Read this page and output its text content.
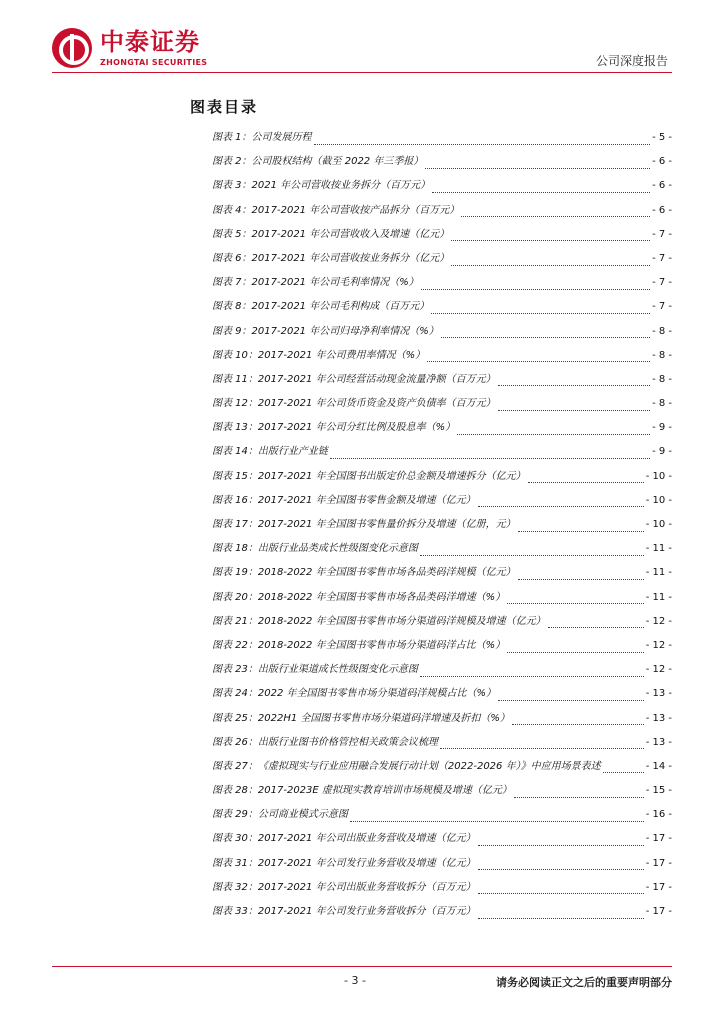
中泰证券
ZHONGTAI SECURITIES	公司深度报告
图表目录
图表 1：公司发展历程	- 5 -
图表 2：公司股权结构（截至 2022 年三季报）	- 6 -
图表 3：2021 年公司营收按业务拆分（百万元）	- 6 -
图表 4：2017-2021 年公司营收按产品拆分（百万元）	- 6 -
图表 5：2017-2021 年公司营收收入及增速（亿元）	- 7 -
图表 6：2017-2021 年公司营收按业务拆分（亿元）	- 7 -
图表 7：2017-2021 年公司毛利率情况（%）	- 7 -
图表 8：2017-2021 年公司毛利构成（百万元）	- 7 -
图表 9：2017-2021 年公司归母净利率情况（%）	- 8 -
图表 10：2017-2021 年公司费用率情况（%）	- 8 -
图表 11：2017-2021 年公司经营活动现金流量净额（百万元）	- 8 -
图表 12：2017-2021 年公司货币资金及资产负债率（百万元）	- 8 -
图表 13：2017-2021 年公司分红比例及股息率（%）	- 9 -
图表 14：出版行业产业链	- 9 -
图表 15：2017-2021 年全国图书出版定价总金额及增速拆分（亿元）	- 10 -
图表 16：2017-2021 年全国图书零售金额及增速（亿元）	- 10 -
图表 17：2017-2021 年全国图书零售量价拆分及增速（亿册，元）	- 10 -
图表 18：出版行业品类成长性级图变化示意图	- 11 -
图表 19：2018-2022 年全国图书零售市场各品类码洋规模（亿元）	- 11 -
图表 20：2018-2022 年全国图书零售市场各品类码洋增速（%）	- 11 -
图表 21：2018-2022 年全国图书零售市场分渠道码洋规模及增速（亿元）	- 12 -
图表 22：2018-2022 年全国图书零售市场分渠道码洋占比（%）	- 12 -
图表 23：出版行业渠道成长性级图变化示意图	- 12 -
图表 24：2022 年全国图书零售市场分渠道码洋规模占比（%）	- 13 -
图表 25：2022H1 全国图书零售市场分渠道码洋增速及折扣（%）	- 13 -
图表 26：出版行业图书价格管控相关政策会议梳理	- 13 -
图表 27：《虚拟现实与行业应用融合发展行动计划（2022-2026 年）》中应用场景表述	- 14 -
图表 28：2017-2023E 虚拟现实教育培训市场规模及增速（亿元）	- 15 -
图表 29：公司商业模式示意图	- 16 -
图表 30：2017-2021 年公司出版业务营收及增速（亿元）	- 17 -
图表 31：2017-2021 年公司发行业务营收及增速（亿元）	- 17 -
图表 32：2017-2021 年公司出版业务营收拆分（百万元）	- 17 -
图表 33：2017-2021 年公司发行业务营收拆分（百万元）	- 17 -
- 3 -	请务必阅读正文之后的重要声明部分
